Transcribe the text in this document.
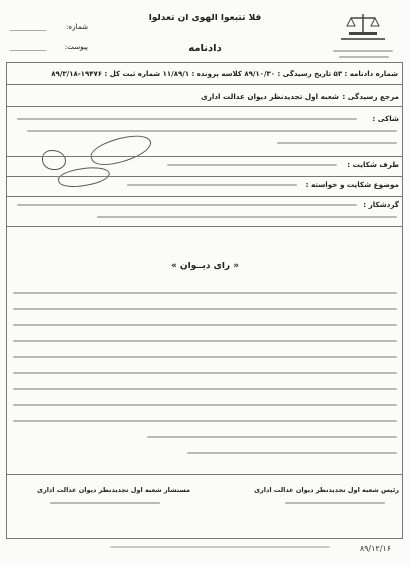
فلا تتبعوا الهوی أن تعدلوا
دادنامه
شماره:
پیوست:
شماره دادنامه : ۵۳ تاریخ رسیدگی : ۸۹/۱۰/۳۰ کلاسه پرونده : ۱۱/۸۹/۱ شماره ثبت کل : ۱۹۴۷۶-۸۹/۳/۱۸
مرجع رسیدگی :
شعبه اول تجدیدنظر دیوان عدالت اداری
شاکی :
طرف شکایت :
موضوع شکایت و خواسته :
گردشکار :
« رأی دیــوان »
مستشار شعبه اول تجدیدنظر دیوان عدالت اداری	رئیس شعبه اول تجدیدنظر دیوان عدالت اداری
۸۹/۱۲/۱۶
